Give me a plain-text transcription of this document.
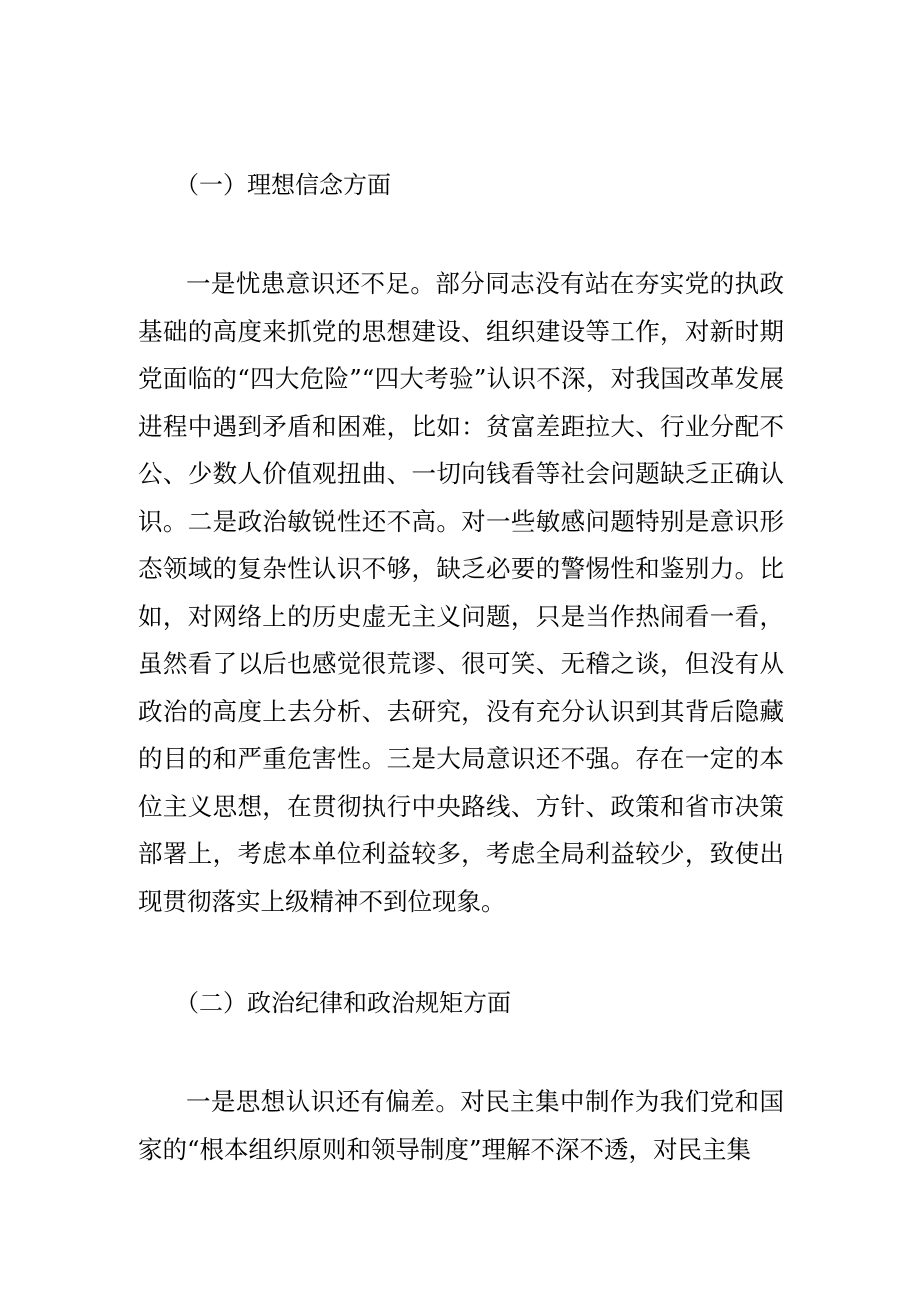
（一）理想信念方面

一是忧患意识还不足。部分同志没有站在夯实党的执政基础的高度来抓党的思想建设、组织建设等工作，对新时期党面临的“四大危险”“四大考验”认识不深，对我国改革发展进程中遇到矛盾和困难，比如：贫富差距拉大、行业分配不公、少数人价值观扭曲、一切向钱看等社会问题缺乏正确认识。二是政治敏锐性还不高。对一些敏感问题特别是意识形态领域的复杂性认识不够，缺乏必要的警惕性和鉴别力。比如，对网络上的历史虚无主义问题，只是当作热闹看一看，虽然看了以后也感觉很荒谬、很可笑、无稽之谈，但没有从政治的高度上去分析、去研究，没有充分认识到其背后隐藏的目的和严重危害性。三是大局意识还不强。存在一定的本位主义思想，在贯彻执行中央路线、方针、政策和省市决策部署上，考虑本单位利益较多，考虑全局利益较少，致使出现贯彻落实上级精神不到位现象。

（二）政治纪律和政治规矩方面

一是思想认识还有偏差。对民主集中制作为我们党和国家的“根本组织原则和领导制度”理解不深不透，对民主集
